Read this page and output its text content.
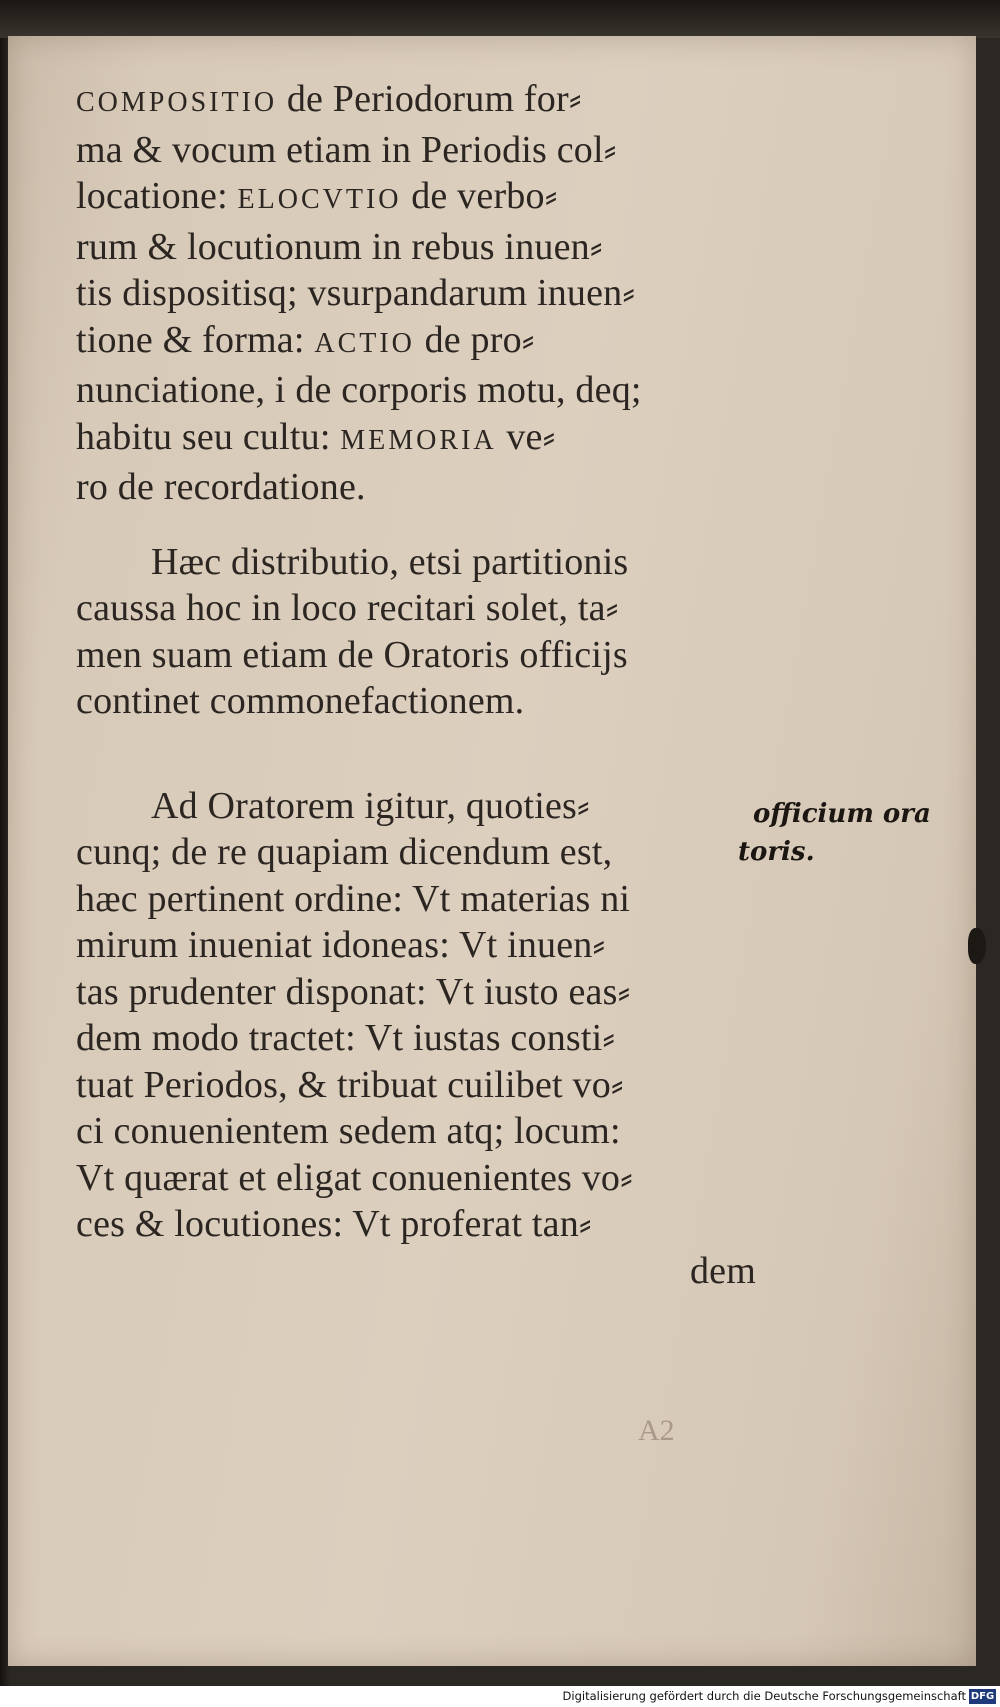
COMPOSITIO de Periodorum for⸗
ma & vocum etiam in Periodis col⸗
locatione: ELOCVTIO de verbo⸗
rum & locutionum in rebus inuen⸗
tis dispositisq; vsurpandarum inuen⸗
tione & forma: ACTIO de pro⸗
nunciatione, i de corporis motu, deq;
habitu seu cultu: MEMORIA ve⸗
ro de recordatione.
Hæc distributio, etsi partitionis
caussa hoc in loco recitari solet, ta⸗
men suam etiam de Oratoris officijs
continet commonefactionem.
Ad Oratorem igitur, quoties⸗
cunq; de re quapiam dicendum est,
hæc pertinent ordine: Vt materias ni
mirum inueniat idoneas: Vt inuen⸗
tas prudenter disponat: Vt iusto eas⸗
dem modo tractet: Vt iustas consti⸗
tuat Periodos, & tribuat cuilibet vo⸗
ci conuenientem sedem atq; locum:
Vt quærat et eligat conuenientes vo⸗
ces & locutiones: Vt proferat tan⸗
dem
officium ora
toris.
A2
Digitalisierung gefördert durch die Deutsche Forschungsgemeinschaft DFG
